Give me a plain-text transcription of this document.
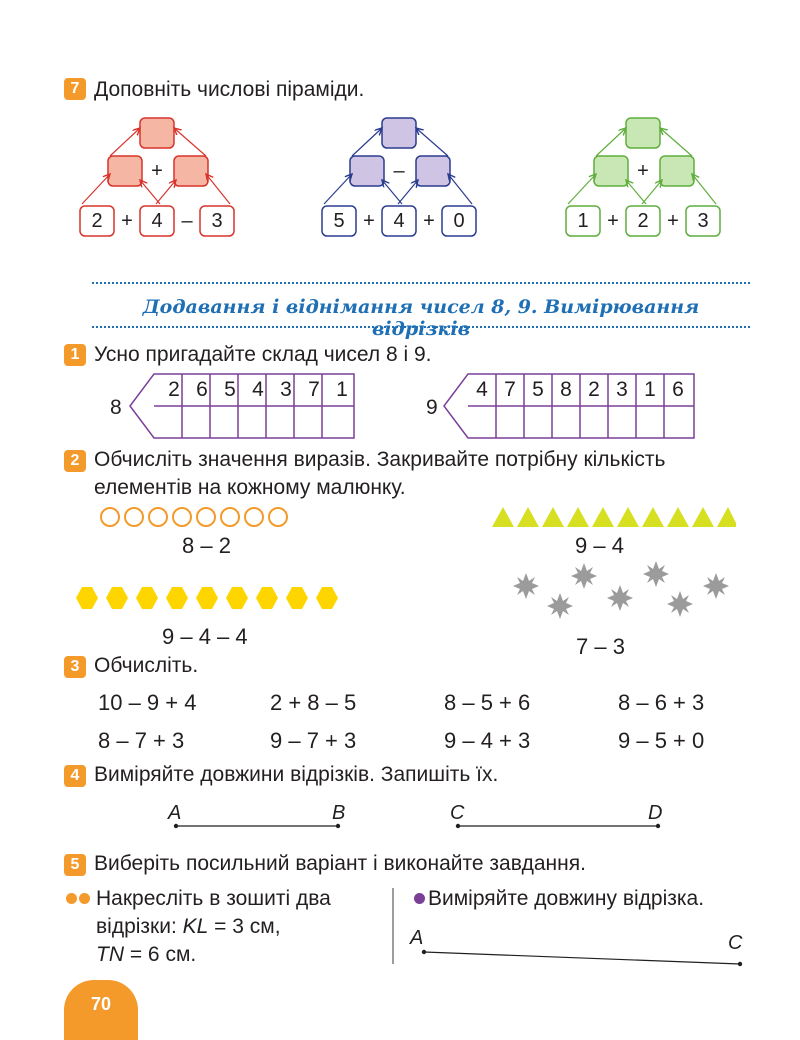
7 Доповніть числові піраміди.
+
2 + 4 – 3
–
5 + 4 + 0
+
1 + 2 + 3
Додавання і віднімання чисел 8, 9. Вимірювання відрізків
1 Усно пригадайте склад чисел 8 і 9.
8
2 6 5 4 3 7 1
9
4 7 5 8 2 3 1 6
2 Обчисліть значення виразів. Закривайте потрібну кількість
елементів на кожному малюнку.
8 – 2	9 – 4
9 – 4 – 4	7 – 3
3 Обчисліть.
10 – 9 + 4	2 + 8 – 5	8 – 5 + 6	8 – 6 + 3
8 – 7 + 3	9 – 7 + 3	9 – 4 + 3	9 – 5 + 0
4 Виміряйте довжини відрізків. Запишіть їх.
A	B	C	D
5 Виберіть посильний варіант і виконайте завдання.
Накресліть в зошиті два
відрізки: KL = 3 см,
TN = 6 см.
Виміряйте довжину відрізка.
A	C
70
